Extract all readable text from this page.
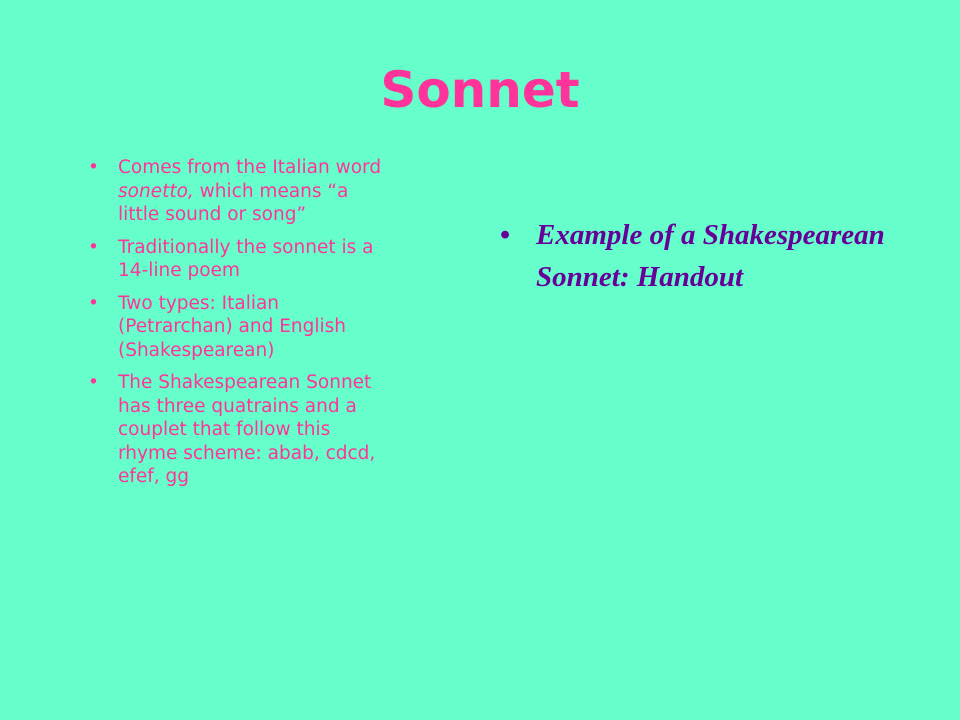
Sonnet
• Comes from the Italian word sonetto, which means “a little sound or song”
• Traditionally the sonnet is a 14-line poem
• Two types: Italian (Petrarchan) and English (Shakespearean)
• The Shakespearean Sonnet has three quatrains and a couplet that follow this rhyme scheme: abab, cdcd, efef, gg
• Example of a Shakespearean Sonnet: Handout
